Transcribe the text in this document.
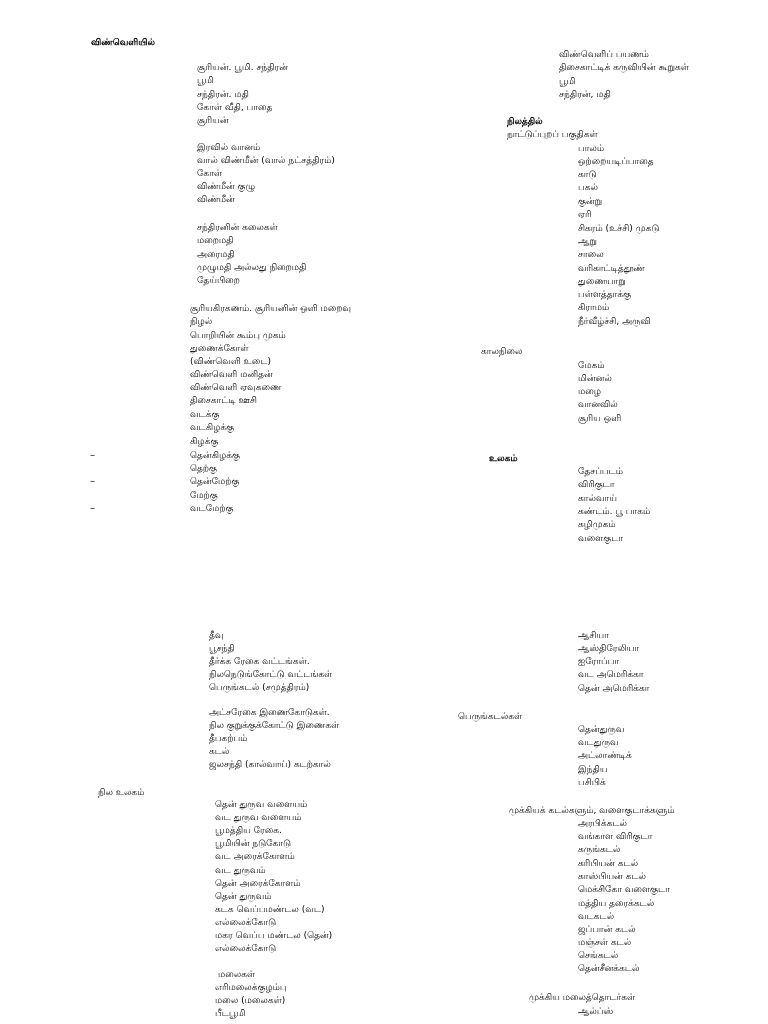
விண்வெளியில்
சூரியன். பூமி. சந்திரன்
பூமி
சந்திரன். மதி
கோள் வீதி, பாதை
சூரியன்
இரவில் வானம்
வால் விண்மீன் (வால் நட்சத்திரம்)
கோள்
விண்மீன் குழு
விண்மீன்
சந்திரனின் கலைகள்
மறைமதி
அரைமதி
முழுமதி அல்லது நிறைமதி
தேய்பிறை
சூரியகிரகணம். சூரியனின் ஒளி மறைவு
நிழல்
பொறியின் கூம்பு முகம்
துணைக்கோள்
(விண்வெளி உடை)
விண்வெளி மனிதன்
விண்வெளி ஏவுகணை
திசைகாட்டி ஊசி
வடக்கு
வடகிழக்கு
கிழக்கு
தென்கிழக்கு
தெற்கு
தென்மேற்கு
மேற்கு
வடமேற்கு
–
–
–
விண்வெளிப் பயணம்
திசைகாட்டிக் கருவியின் கூறுகள்
பூமி
சந்திரன், மதி
நிலத்தில்
நாட்டுப்புறப் பகுதிகள்
பாலம்
ஒற்றையடிப்பாதை
காடு
பகல்
குன்று
ஏரி
சிகரம் (உச்சி) முகடு
ஆறு
சாலை
வரிகாட்டித்தூண்
துணையாறு
பள்ளத்தாக்கு
கிராமம்
நீர்வீழ்ச்சி, அருவி
காலநிலை
மேகம்
மின்னல்
மழை
வானவில்
சூரிய ஒளி
உலகம்
தேசப்படம்
விரிகுடா
கால்வாய்
கண்டம். பூ பாகம்
கழிமுகம்
வளைகுடா
தீவு
பூசந்தி
தீர்க்க ரேகை வட்டங்கள்.
நிலநெடுங்கோட்டு வட்டங்கள்
பெருங்கடல் (சமுத்திரம்)
அட்சரேகை இணைகோடுகள்.
நில குறுக்குக்கோட்டு இணைகள்
தீபகற்பம்
கடல்
ஜலசந்தி (கால்வாய்) கடற்கால்
ஆசியா
ஆஸ்திரேலியா
ஐரோப்பா
வட அமெரிக்கா
தென் அமெரிக்கா
பெருங்கடல்கள்
தென்துருவ
வடதுருவ
அட்லாண்டிக்
இந்திய
பசிபிக்
நில உலகம்
தென் துருவ வளையம்
வட துருவ வளையம்
பூமத்திய ரேகை.
பூமியின் நடுகோடு
வட அரைக்கோளம்
வட துருவம்
தென் அரைக்கோளம்
தென் துருவம்
கடக வெப்பமண்டல (வட)
எல்லைக்கோடு
மகர வெப்ப மண்டல (தென்)
எல்லைக்கோடு
மலைகள்
எரிமலைக்குழம்பு
மலை (மலைகள்)
பீடபூமி
முக்கியக் கடல்களும், வளைகுடாக்களும்
அரபிக்கடல்
வங்காள விரிகுடா
கருங்கடல்
கரிபியன் கடல்
காஸ்பியன் கடல்
மெக்சிகோ வளைகுடா
மத்திய தரைக்கடல்
வடகடல்
ஜப்பான் கடல்
மஞ்சள் கடல்
செங்கடல்
தென்சீனக்கடல்
முக்கிய மலைத்தொடர்கள்
ஆல்ப்ஸ்
